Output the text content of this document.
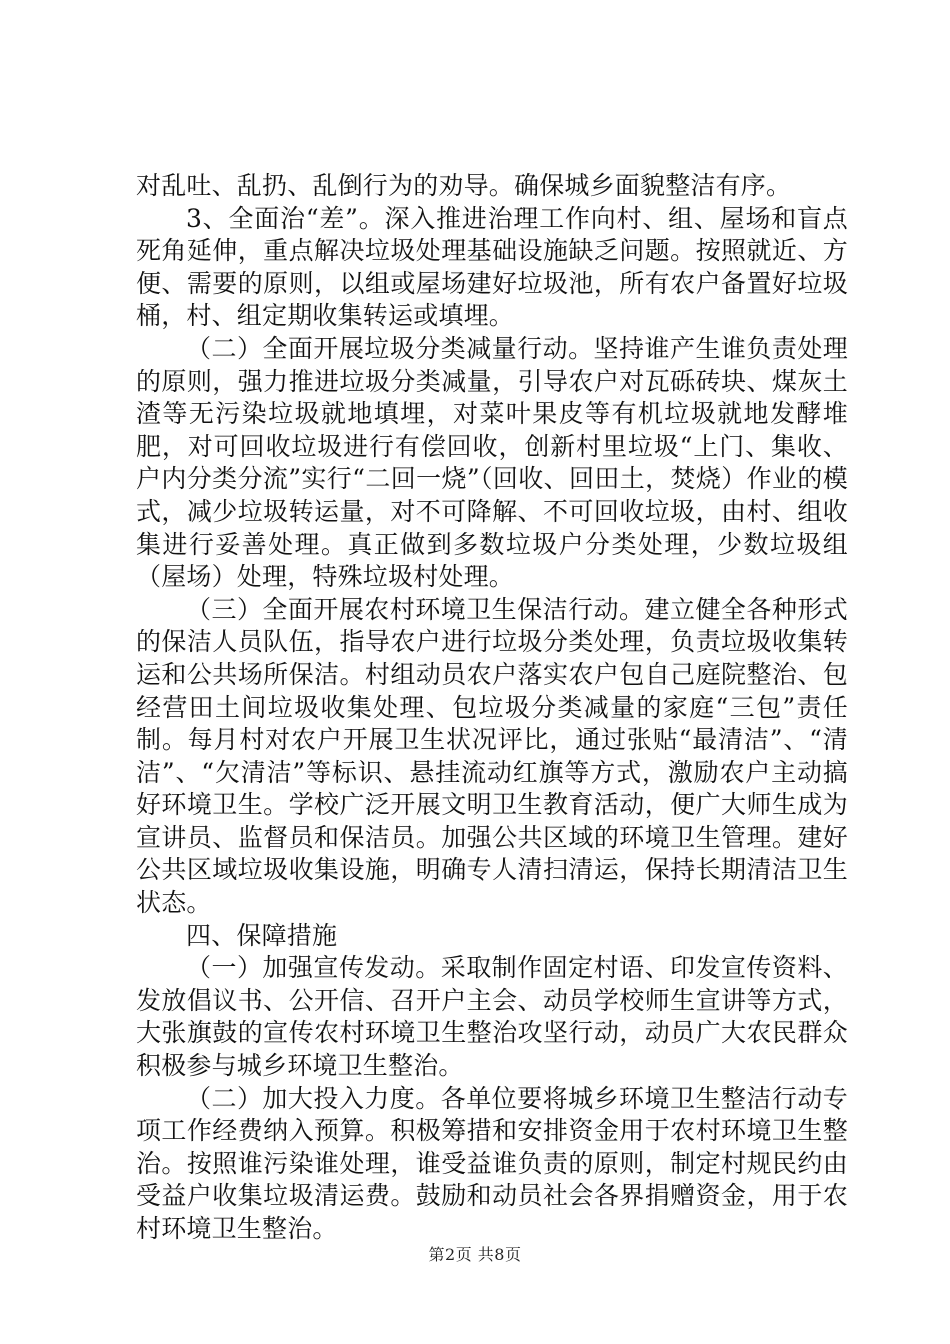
对乱吐、乱扔、乱倒行为的劝导。确保城乡面貌整洁有序。

3、全面治“差”。深入推进治理工作向村、组、屋场和盲点死角延伸，重点解决垃圾处理基础设施缺乏问题。按照就近、方便、需要的原则，以组或屋场建好垃圾池，所有农户备置好垃圾桶，村、组定期收集转运或填埋。

（二）全面开展垃圾分类减量行动。坚持谁产生谁负责处理的原则，强力推进垃圾分类减量，引导农户对瓦砾砖块、煤灰土渣等无污染垃圾就地填埋，对菜叶果皮等有机垃圾就地发酵堆肥，对可回收垃圾进行有偿回收，创新村里垃圾“上门、集收、户内分类分流”实行“二回一烧”（回收、回田土，焚烧）作业的模式，减少垃圾转运量，对不可降解、不可回收垃圾，由村、组收集进行妥善处理。真正做到多数垃圾户分类处理，少数垃圾组（屋场）处理，特殊垃圾村处理。

（三）全面开展农村环境卫生保洁行动。建立健全各种形式的保洁人员队伍，指导农户进行垃圾分类处理，负责垃圾收集转运和公共场所保洁。村组动员农户落实农户包自己庭院整治、包经营田土间垃圾收集处理、包垃圾分类减量的家庭“三包”责任制。每月村对农户开展卫生状况评比，通过张贴“最清洁”、“清洁”、“欠清洁”等标识、悬挂流动红旗等方式，激励农户主动搞好环境卫生。学校广泛开展文明卫生教育活动，便广大师生成为宣讲员、监督员和保洁员。加强公共区域的环境卫生管理。建好公共区域垃圾收集设施，明确专人清扫清运，保持长期清洁卫生状态。

四、保障措施

（一）加强宣传发动。采取制作固定村语、印发宣传资料、发放倡议书、公开信、召开户主会、动员学校师生宣讲等方式，大张旗鼓的宣传农村环境卫生整治攻坚行动，动员广大农民群众积极参与城乡环境卫生整治。

（二）加大投入力度。各单位要将城乡环境卫生整洁行动专项工作经费纳入预算。积极筹措和安排资金用于农村环境卫生整治。按照谁污染谁处理，谁受益谁负责的原则，制定村规民约由受益户收集垃圾清运费。鼓励和动员社会各界捐赠资金，用于农村环境卫生整治。

第2页 共8页
